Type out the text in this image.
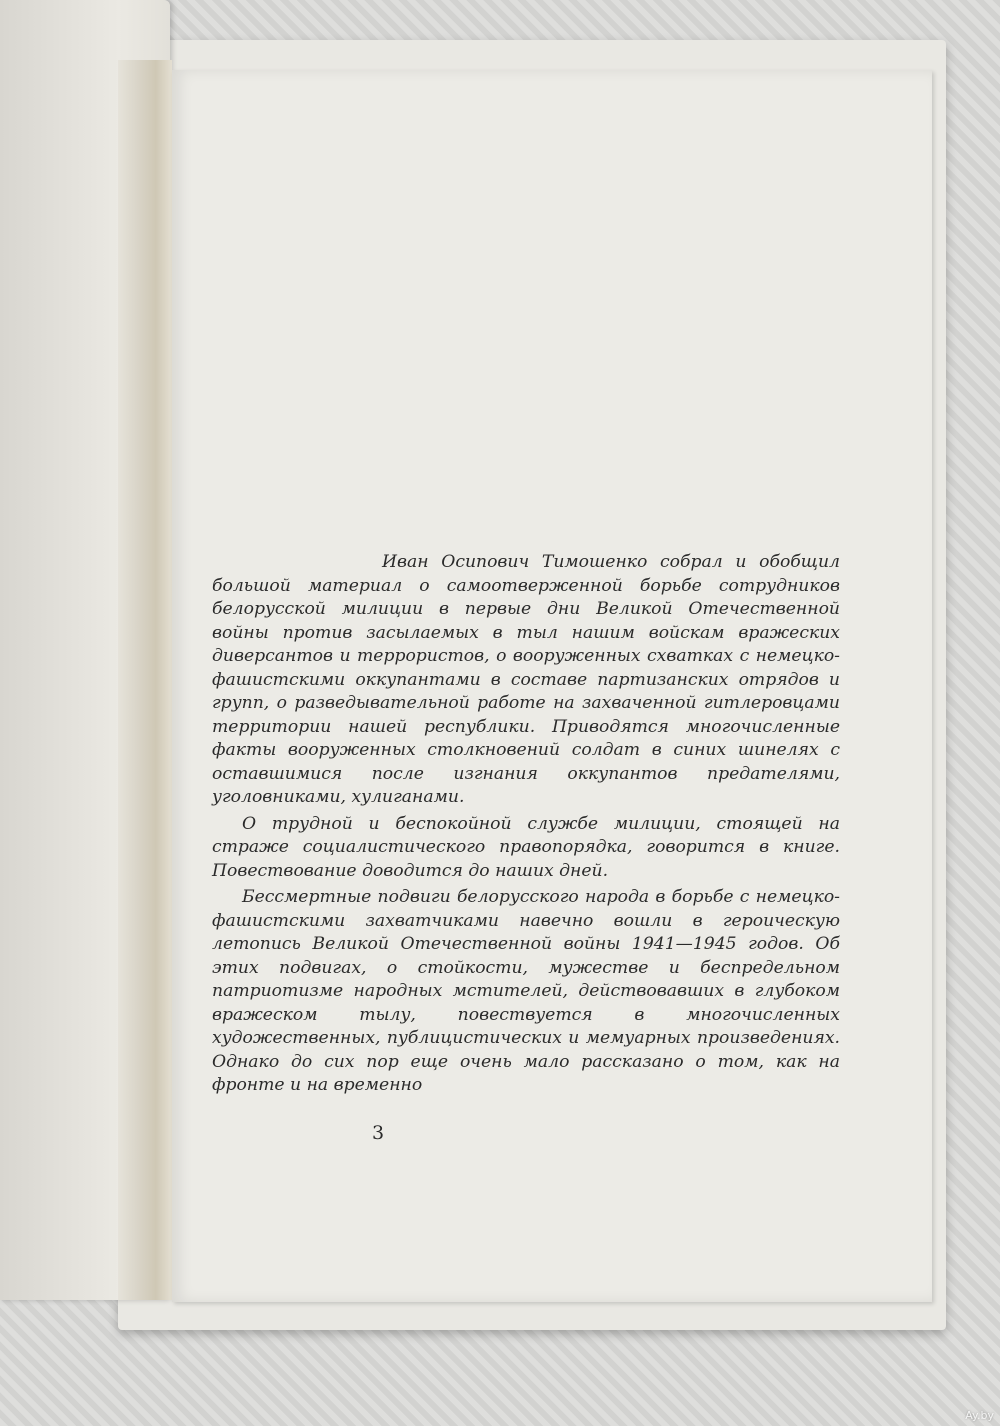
Иван Осипович Тимошенко собрал и обобщил большой материал о самоотверженной борьбе сотрудников белорусской милиции в первые дни Великой Отечественной войны против засылаемых в тыл нашим войскам вражеских диверсантов и террористов, о вооруженных схватках с немецко-фашистскими оккупантами в составе партизанских отрядов и групп, о разведывательной работе на захваченной гитлеровцами территории нашей республики. Приводятся многочисленные факты вооруженных столкновений солдат в синих шинелях с оставшимися после изгнания оккупантов предателями, уголовниками, хулиганами.

О трудной и беспокойной службе милиции, стоящей на страже социалистического правопорядка, говорится в книге. Повествование доводится до наших дней.

Бессмертные подвиги белорусского народа в борьбе с немецко-фашистскими захватчиками навечно вошли в героическую летопись Великой Отечественной войны 1941—1945 годов. Об этих подвигах, о стойкости, мужестве и беспредельном патриотизме народных мстителей, действовавших в глубоком вражеском тылу, повествуется в многочисленных художественных, публицистических и мемуарных произведениях. Однако до сих пор еще очень мало рассказано о том, как на фронте и на временно

3
Ay.by
